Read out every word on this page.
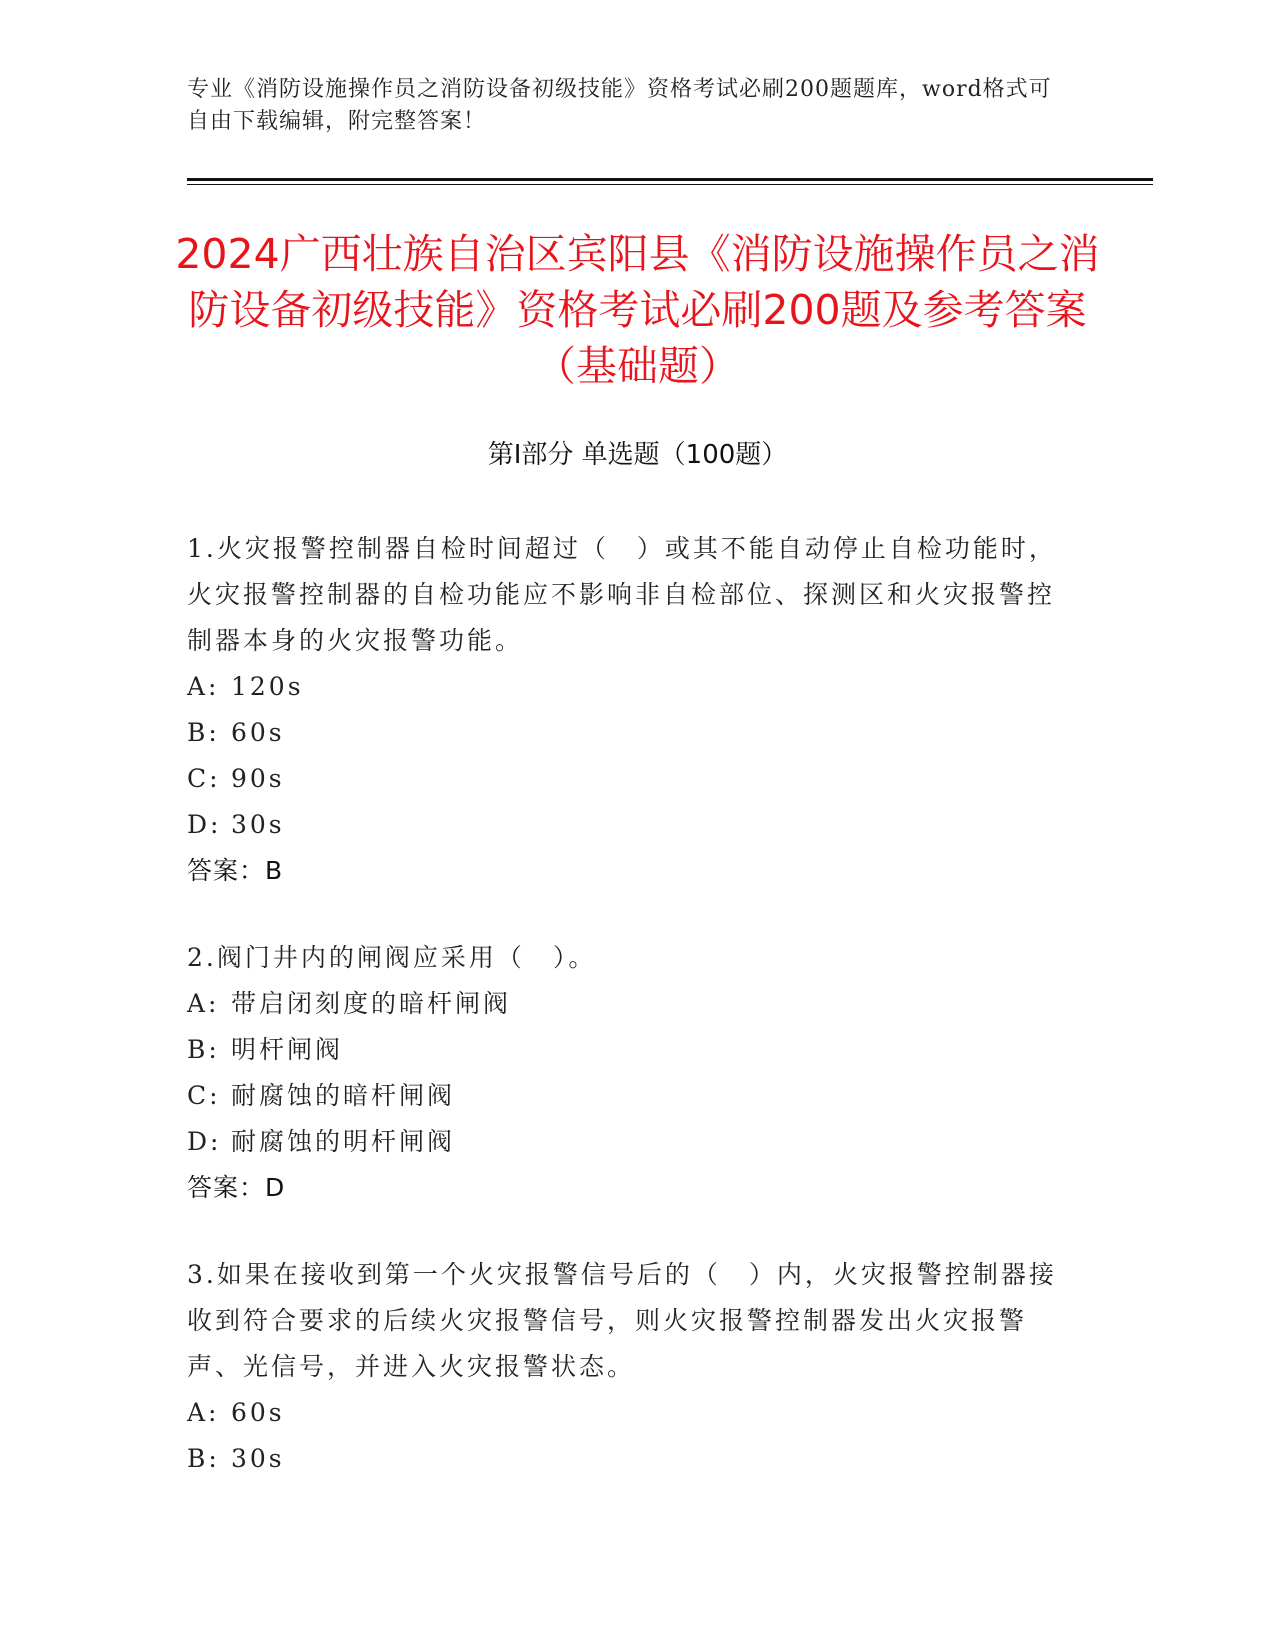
专业《消防设施操作员之消防设备初级技能》资格考试必刷200题题库，word格式可自由下载编辑，附完整答案！
2024广西壮族自治区宾阳县《消防设施操作员之消防设备初级技能》资格考试必刷200题及参考答案（基础题）
第I部分 单选题（100题）

1.火灾报警控制器自检时间超过（　）或其不能自动停止自检功能时，火灾报警控制器的自检功能应不影响非自检部位、探测区和火灾报警控制器本身的火灾报警功能。

A: 120s

B: 60s

C: 90s

D: 30s

答案：B

2.阀门井内的闸阀应采用（　）。

A: 带启闭刻度的暗杆闸阀

B: 明杆闸阀

C: 耐腐蚀的暗杆闸阀

D: 耐腐蚀的明杆闸阀

答案：D

3.如果在接收到第一个火灾报警信号后的（　）内，火灾报警控制器接收到符合要求的后续火灾报警信号，则火灾报警控制器发出火灾报警声、光信号，并进入火灾报警状态。

A: 60s

B: 30s
